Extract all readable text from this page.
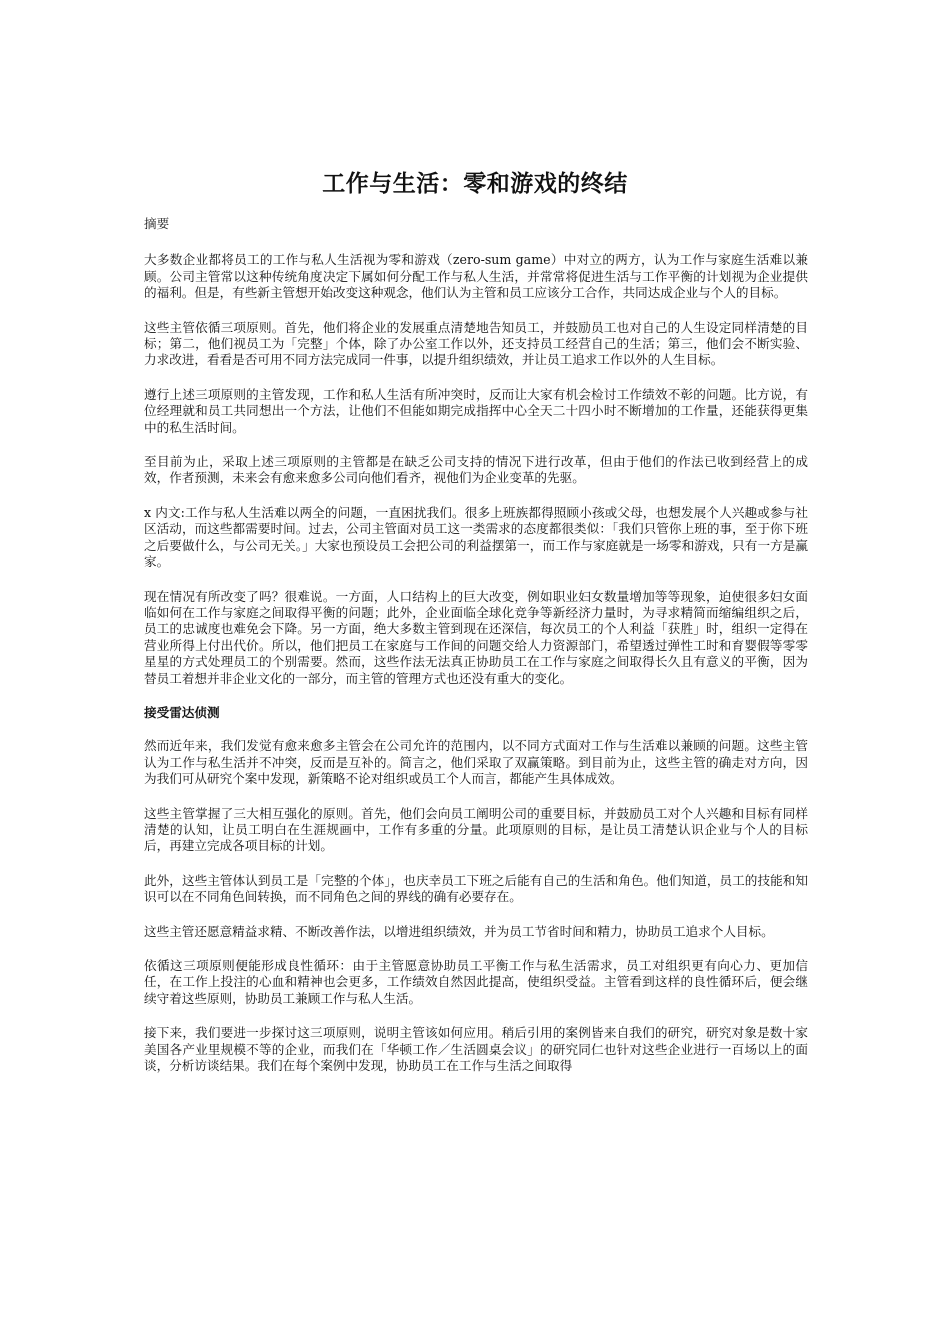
工作与生活：零和游戏的终结
摘要

大多数企业都将员工的工作与私人生活视为零和游戏（zero-sum game）中对立的两方，认为工作与家庭生活难以兼顾。公司主管常以这种传统角度决定下属如何分配工作与私人生活，并常常将促进生活与工作平衡的计划视为企业提供的福利。但是，有些新主管想开始改变这种观念，他们认为主管和员工应该分工合作，共同达成企业与个人的目标。

这些主管依循三项原则。首先，他们将企业的发展重点清楚地告知员工，并鼓励员工也对自己的人生设定同样清楚的目标；第二，他们视员工为「完整」个体，除了办公室工作以外，还支持员工经营自己的生活；第三，他们会不断实验、力求改进，看看是否可用不同方法完成同一件事，以提升组织绩效，并让员工追求工作以外的人生目标。

遵行上述三项原则的主管发现，工作和私人生活有所冲突时，反而让大家有机会检讨工作绩效不彰的问题。比方说，有位经理就和员工共同想出一个方法，让他们不但能如期完成指挥中心全天二十四小时不断增加的工作量，还能获得更集中的私生活时间。

至目前为止，采取上述三项原则的主管都是在缺乏公司支持的情况下进行改革，但由于他们的作法已收到经营上的成效，作者预测，未来会有愈来愈多公司向他们看齐，视他们为企业变革的先驱。

x 内文:工作与私人生活难以两全的问题，一直困扰我们。很多上班族都得照顾小孩或父母，也想发展个人兴趣或参与社区活动，而这些都需要时间。过去，公司主管面对员工这一类需求的态度都很类似：「我们只管你上班的事，至于你下班之后要做什么，与公司无关。」大家也预设员工会把公司的利益摆第一，而工作与家庭就是一场零和游戏，只有一方是赢家。

现在情况有所改变了吗？很难说。一方面，人口结构上的巨大改变，例如职业妇女数量增加等等现象，迫使很多妇女面临如何在工作与家庭之间取得平衡的问题；此外，企业面临全球化竞争等新经济力量时，为寻求精简而缩编组织之后，员工的忠诚度也难免会下降。另一方面，绝大多数主管到现在还深信，每次员工的个人利益「获胜」时，组织一定得在营业所得上付出代价。所以，他们把员工在家庭与工作间的问题交给人力资源部门，希望透过弹性工时和育婴假等零零星星的方式处理员工的个别需要。然而，这些作法无法真正协助员工在工作与家庭之间取得长久且有意义的平衡，因为替员工着想并非企业文化的一部分，而主管的管理方式也还没有重大的变化。

接受雷达侦测

然而近年来，我们发觉有愈来愈多主管会在公司允许的范围内，以不同方式面对工作与生活难以兼顾的问题。这些主管认为工作与私生活并不冲突，反而是互补的。简言之，他们采取了双赢策略。到目前为止，这些主管的确走对方向，因为我们可从研究个案中发现，新策略不论对组织或员工个人而言，都能产生具体成效。

这些主管掌握了三大相互强化的原则。首先，他们会向员工阐明公司的重要目标，并鼓励员工对个人兴趣和目标有同样清楚的认知，让员工明白在生涯规画中，工作有多重的分量。此项原则的目标，是让员工清楚认识企业与个人的目标后，再建立完成各项目标的计划。

此外，这些主管体认到员工是「完整的个体」，也庆幸员工下班之后能有自己的生活和角色。他们知道，员工的技能和知识可以在不同角色间转换，而不同角色之间的界线的确有必要存在。

这些主管还愿意精益求精、不断改善作法，以增进组织绩效，并为员工节省时间和精力，协助员工追求个人目标。

依循这三项原则便能形成良性循环：由于主管愿意协助员工平衡工作与私生活需求，员工对组织更有向心力、更加信任，在工作上投注的心血和精神也会更多，工作绩效自然因此提高，使组织受益。主管看到这样的良性循环后，便会继续守着这些原则，协助员工兼顾工作与私人生活。

接下来，我们要进一步探讨这三项原则，说明主管该如何应用。稍后引用的案例皆来自我们的研究，研究对象是数十家美国各产业里规模不等的企业，而我们在「华顿工作／生活圆桌会议」的研究同仁也针对这些企业进行一百场以上的面谈，分析访谈结果。我们在每个案例中发现，协助员工在工作与生活之间取得
